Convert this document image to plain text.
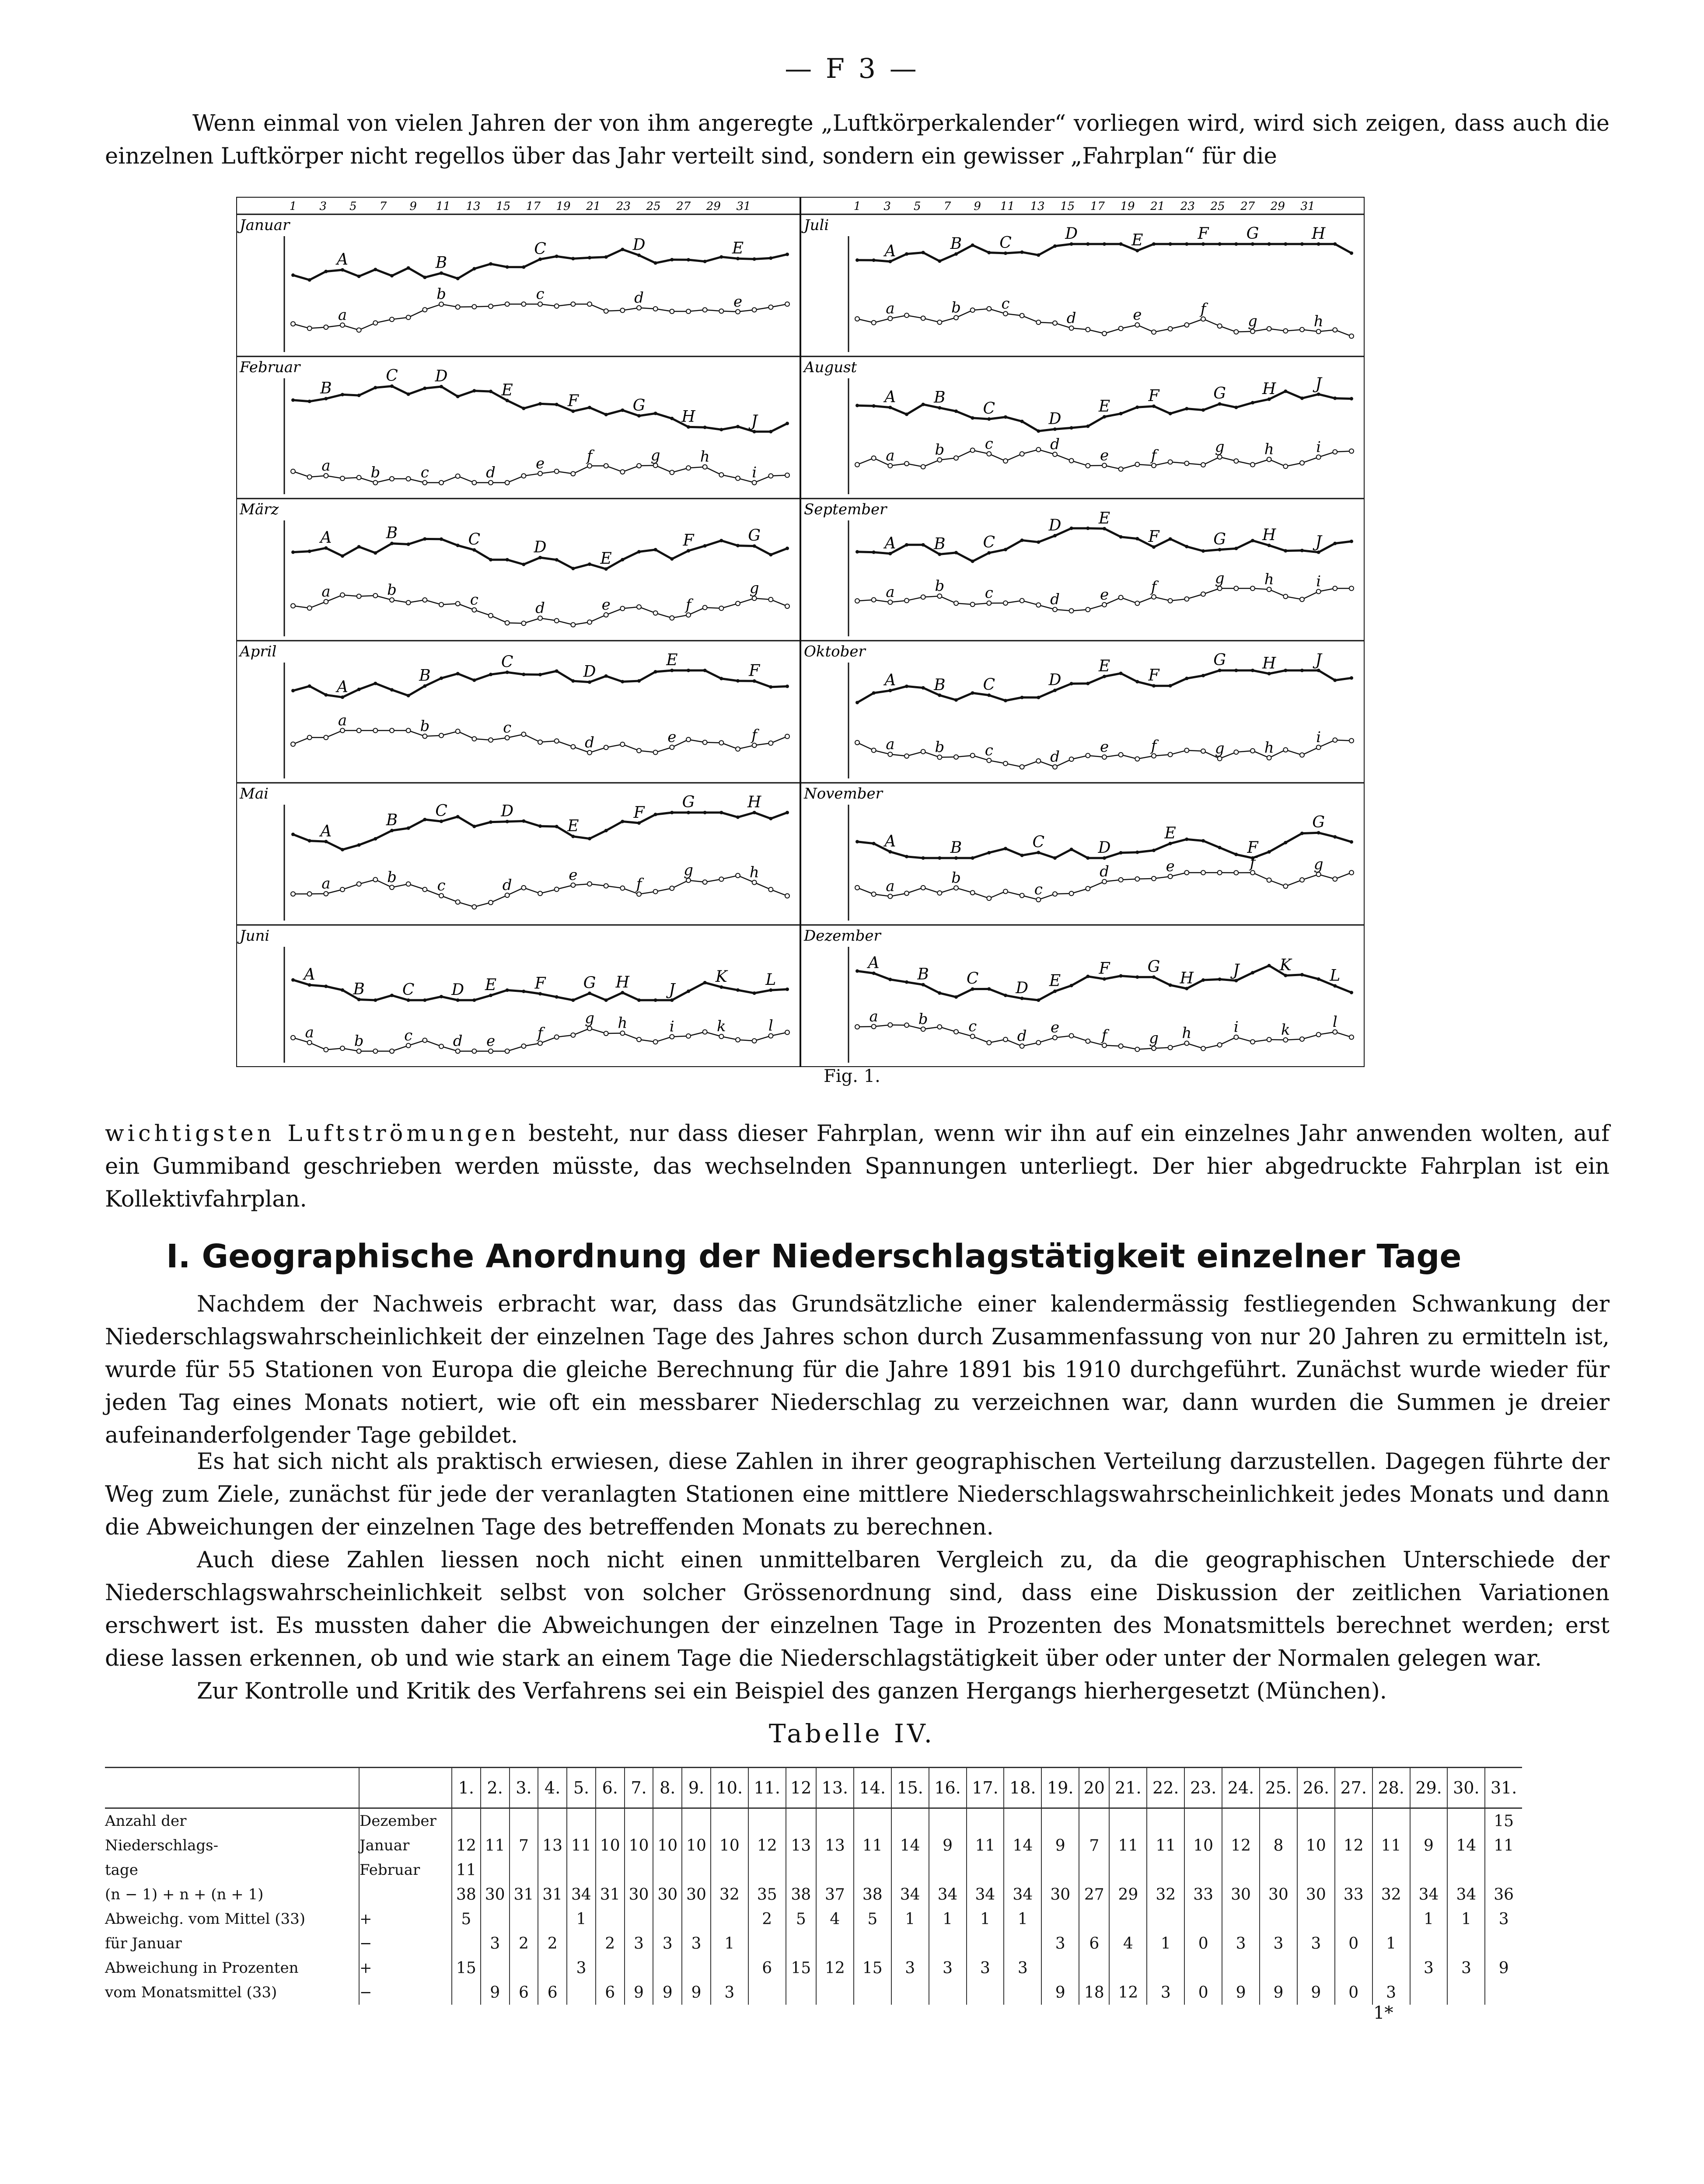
— F 3 —
Wenn einmal von vielen Jahren der von ihm angeregte „Luftkörperkalender“ vorliegen wird, wird sich zeigen, dass auch die einzelnen Luftkörper nicht regellos über das Jahr verteilt sind, sondern ein gewisser „Fahrplan“ für die
1 3 5 7 9 11 13 15 17 19 21 23 25 27 29 31	1 3 5 7 9 11 13 15 17 19 21 23 25 27 29 31
Januar
A	B
C	D	E
a
b	c	d	e
Februar
B
C D
E
F	G
H	J
a	b	c	d
e	f	g	h
i
März
A	B	C	D
E
F	G
a	b
c	d	e	f
g
April
A
B
C
D
E
F
a	b	c
d	e	f
Mai
A
B
C	D
E
F
G	H
a	b	c	d
e
f
g	h
Juni
A
B C D E F G H	J
K L
a	b	c	d e	f
g h	i	k	l
Juli
A	B C
D	E	F G	H
a	b	c
d	e	f
g	h
August
A B
C
D
E
F	G H	J
a	b	c	d
e	f	g	h	i
September
A B C
D E
F	G H	J
a	b	c	d	e	f	g	h	i
Oktober
A B C	D
E
F
G H	J
a	b	c	d
e	f	g	h
i
November
A	B	C	D
E
F
G
a	b
c
d	e	f	g
Dezember
A
B C
D E
F G
H	J	K
L
a	b	c
d e	f	g h	i	k	l
Fig. 1.
wichtigsten Luftströmungen besteht, nur dass dieser Fahrplan, wenn wir ihn auf ein einzelnes Jahr anwenden wolten, auf ein Gummiband geschrieben werden müsste, das wechselnden Spannungen unterliegt. Der hier abgedruckte Fahrplan ist ein Kollektivfahrplan.
I. Geographische Anordnung der Niederschlagstätigkeit einzelner Tage
Nachdem der Nachweis erbracht war, dass das Grundsätzliche einer kalendermässig festliegenden Schwankung der Niederschlagswahrscheinlichkeit der einzelnen Tage des Jahres schon durch Zusammenfassung von nur 20 Jahren zu ermitteln ist, wurde für 55 Stationen von Europa die gleiche Berechnung für die Jahre 1891 bis 1910 durchgeführt. Zunächst wurde wieder für jeden Tag eines Monats notiert, wie oft ein messbarer Niederschlag zu verzeichnen war, dann wurden die Summen je dreier aufeinanderfolgender Tage gebildet.
Es hat sich nicht als praktisch erwiesen, diese Zahlen in ihrer geographischen Verteilung darzustellen. Dagegen führte der Weg zum Ziele, zunächst für jede der veranlagten Stationen eine mittlere Niederschlagswahrscheinlichkeit jedes Monats und dann die Abweichungen der einzelnen Tage des betreffenden Monats zu berechnen.
Auch diese Zahlen liessen noch nicht einen unmittelbaren Vergleich zu, da die geographischen Unterschiede der Niederschlagswahrscheinlichkeit selbst von solcher Grössenordnung sind, dass eine Diskussion der zeitlichen Variationen erschwert ist. Es mussten daher die Abweichungen der einzelnen Tage in Prozenten des Monatsmittels berechnet werden; erst diese lassen erkennen, ob und wie stark an einem Tage die Niederschlagstätigkeit über oder unter der Normalen gelegen war.
Zur Kontrolle und Kritik des Verfahrens sei ein Beispiel des ganzen Hergangs hierhergesetzt (München).
Tabelle IV.
		1.	2.	3.	4.	5.	6.	7.	8.	9.	10.	11.	12	13.	14.	15.	16.	17.	18.	19.	20	21.	22.	23.	24.	25.	26.	27.	28.	29.	30.	31.
Anzahl der	Dezember																															15
Niederschlags-	Januar	12	11	7	13	11	10	10	10	10	10	12	13	13	11	14	9	11	14	9	7	11	11	10	12	8	10	12	11	9	14	11
tage	Februar	11																														
(n − 1) + n + (n + 1)		38	30	31	31	34	31	30	30	30	32	35	38	37	38	34	34	34	34	30	27	29	32	33	30	30	30	33	32	34	34	36
Abweichg. vom Mittel (33)	+	5				1						2	5	4	5	1	1	1	1											1	1	3
für Januar	−		3	2	2		2	3	3	3	1									3	6	4	1	0	3	3	3	0	1			
Abweichung in Prozenten	+	15				3						6	15	12	15	3	3	3	3											3	3	9
vom Monatsmittel (33)	−		9	6	6		6	9	9	9	3									9	18	12	3	0	9	9	9	0	3			
1*
